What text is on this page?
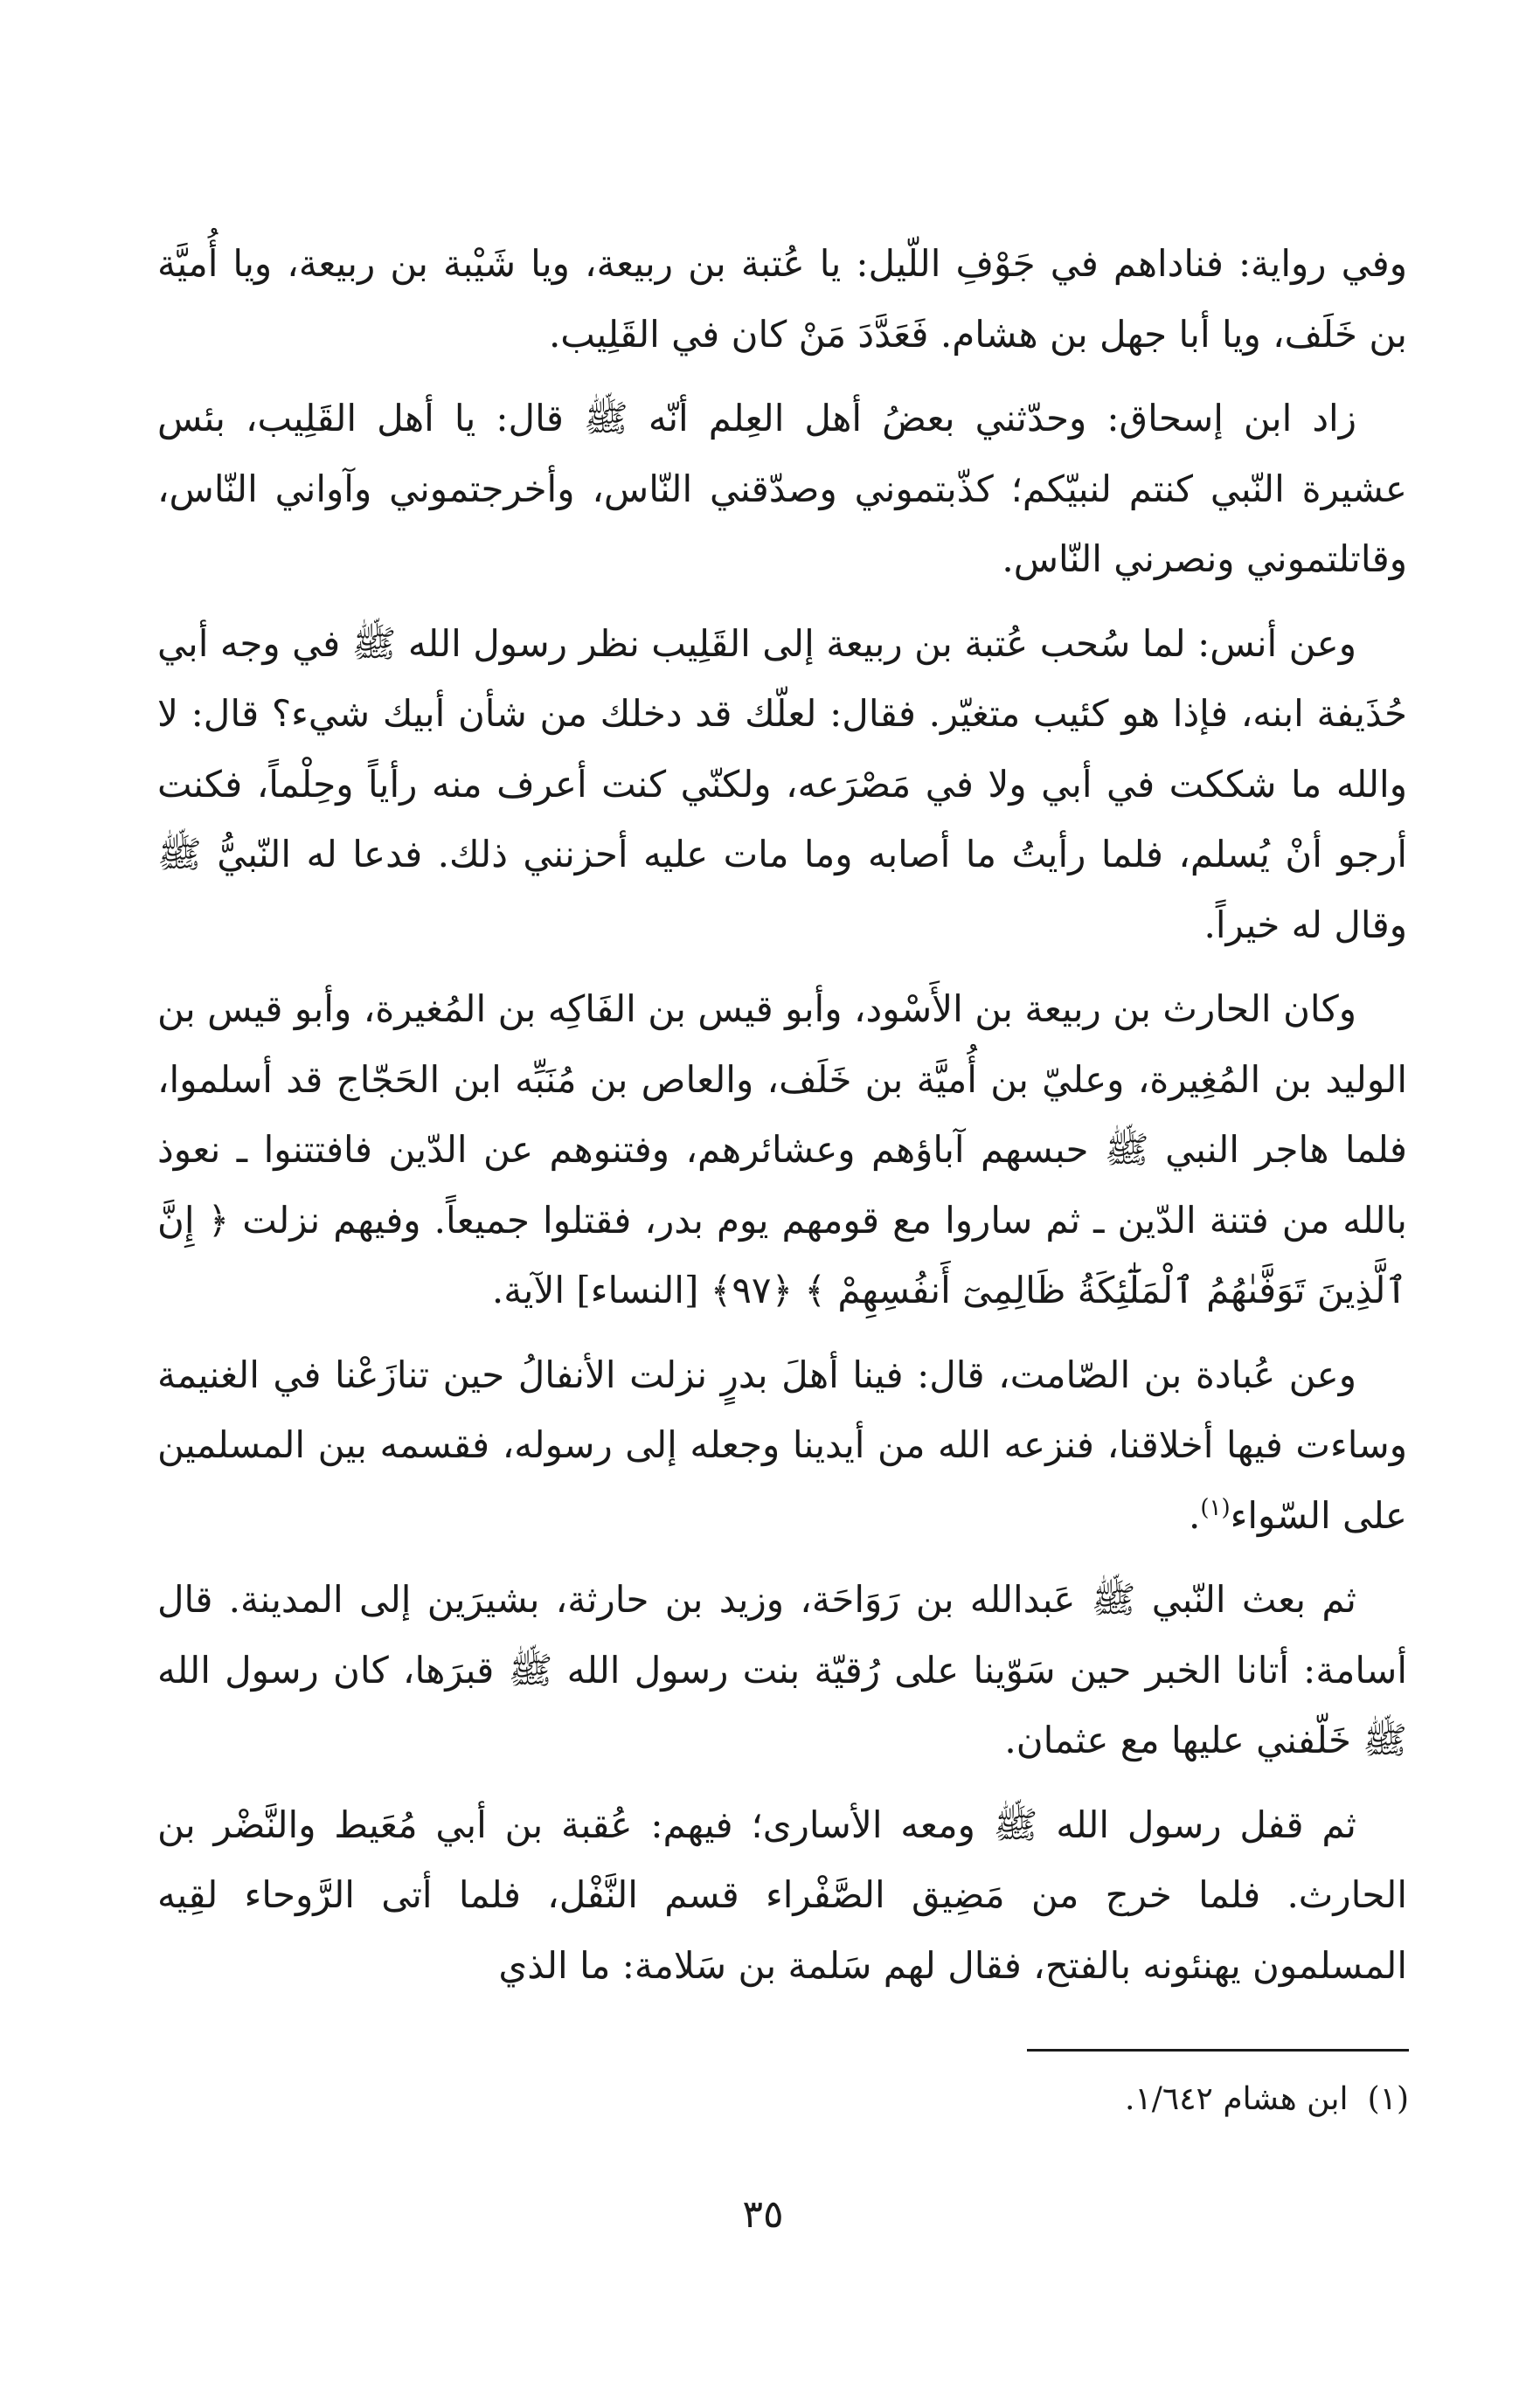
وفي رواية: فناداهم في جَوْفِ اللّيل: يا عُتبة بن ربيعة، ويا شَيْبة بن ربيعة، ويا أُميَّة بن خَلَف، ويا أبا جهل بن هشام. فَعَدَّدَ مَنْ كان في القَلِيب.

زاد ابن إسحاق: وحدّثني بعضُ أهل العِلم أنّه ﷺ قال: يا أهل القَلِيب، بئس عشيرة النّبي كنتم لنبيّكم؛ كذّبتموني وصدّقني النّاس، وأخرجتموني وآواني النّاس، وقاتلتموني ونصرني النّاس.

وعن أنس: لما سُحب عُتبة بن ربيعة إلى القَلِيب نظر رسول الله ﷺ في وجه أبي حُذَيفة ابنه، فإذا هو كئيب متغيّر. فقال: لعلّك قد دخلك من شأن أبيك شيء؟ قال: لا والله ما شككت في أبي ولا في مَصْرَعه، ولكنّي كنت أعرف منه رأياً وحِلْماً، فكنت أرجو أنْ يُسلم، فلما رأيتُ ما أصابه وما مات عليه أحزنني ذلك. فدعا له النّبيُّ ﷺ وقال له خيراً.

وكان الحارث بن ربيعة بن الأَسْود، وأبو قيس بن الفَاكِه بن المُغيرة، وأبو قيس بن الوليد بن المُغِيرة، وعليّ بن أُميَّة بن خَلَف، والعاص بن مُنَبِّه ابن الحَجّاج قد أسلموا، فلما هاجر النبي ﷺ حبسهم آباؤهم وعشائرهم، وفتنوهم عن الدّين فافتتنوا ـ نعوذ بالله من فتنة الدّين ـ ثم ساروا مع قومهم يوم بدر، فقتلوا جميعاً. وفيهم نزلت ﴿ إِنَّ ٱلَّذِينَ تَوَفَّىٰهُمُ ٱلْمَلَٰٓئِكَةُ ظَالِمِىٓ أَنفُسِهِمْ ﴾ ﴿٩٧﴾ [النساء] الآية.

وعن عُبادة بن الصّامت، قال: فينا أهلَ بدرٍ نزلت الأنفالُ حين تنازَعْنا في الغنيمة وساءت فيها أخلاقنا، فنزعه الله من أيدينا وجعله إلى رسوله، فقسمه بين المسلمين على السّواء$^{(١)}$.

ثم بعث النّبي ﷺ عَبدالله بن رَوَاحَة، وزيد بن حارثة، بشيرَين إلى المدينة. قال أسامة: أتانا الخبر حين سَوّينا على رُقيّة بنت رسول الله ﷺ قبرَها، كان رسول الله ﷺ خَلّفني عليها مع عثمان.

ثم قفل رسول الله ﷺ ومعه الأسارى؛ فيهم: عُقبة بن أبي مُعَيط والنَّضْر بن الحارث. فلما خرج من مَضِيق الصَّفْراء قسم النَّفْل، فلما أتى الرَّوحاء لقِيه المسلمون يهنئونه بالفتح، فقال لهم سَلمة بن سَلامة: ما الذي

(١)ابن هشام ١/٦٤٢.
٣٥
